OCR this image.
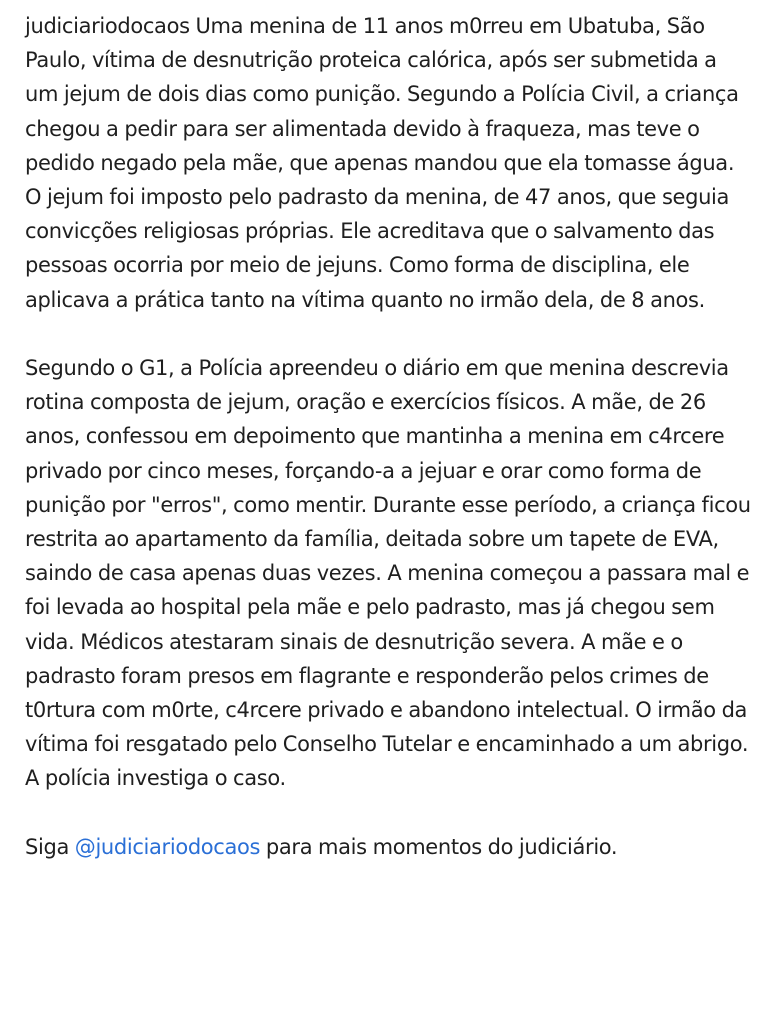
judiciariodocaos Uma menina de 11 anos m0rreu em Ubatuba, São Paulo, vítima de desnutrição proteica calórica, após ser submetida a um jejum de dois dias como punição. Segundo a Polícia Civil, a criança chegou a pedir para ser alimentada devido à fraqueza, mas teve o pedido negado pela mãe, que apenas mandou que ela tomasse água. O jejum foi imposto pelo padrasto da menina, de 47 anos, que seguia convicções religiosas próprias. Ele acreditava que o salvamento das pessoas ocorria por meio de jejuns. Como forma de disciplina, ele aplicava a prática tanto na vítima quanto no irmão dela, de 8 anos.

Segundo o G1, a Polícia apreendeu o diário em que menina descrevia rotina composta de jejum, oração e exercícios físicos. A mãe, de 26 anos, confessou em depoimento que mantinha a menina em c4rcere privado por cinco meses, forçando-a a jejuar e orar como forma de punição por "erros", como mentir. Durante esse período, a criança ficou restrita ao apartamento da família, deitada sobre um tapete de EVA, saindo de casa apenas duas vezes. A menina começou a passara mal e foi levada ao hospital pela mãe e pelo padrasto, mas já chegou sem vida. Médicos atestaram sinais de desnutrição severa. A mãe e o padrasto foram presos em flagrante e responderão pelos crimes de t0rtura com m0rte, c4rcere privado e abandono intelectual. O irmão da vítima foi resgatado pelo Conselho Tutelar e encaminhado a um abrigo. A polícia investiga o caso.

Siga @judiciariodocaos para mais momentos do judiciário.
